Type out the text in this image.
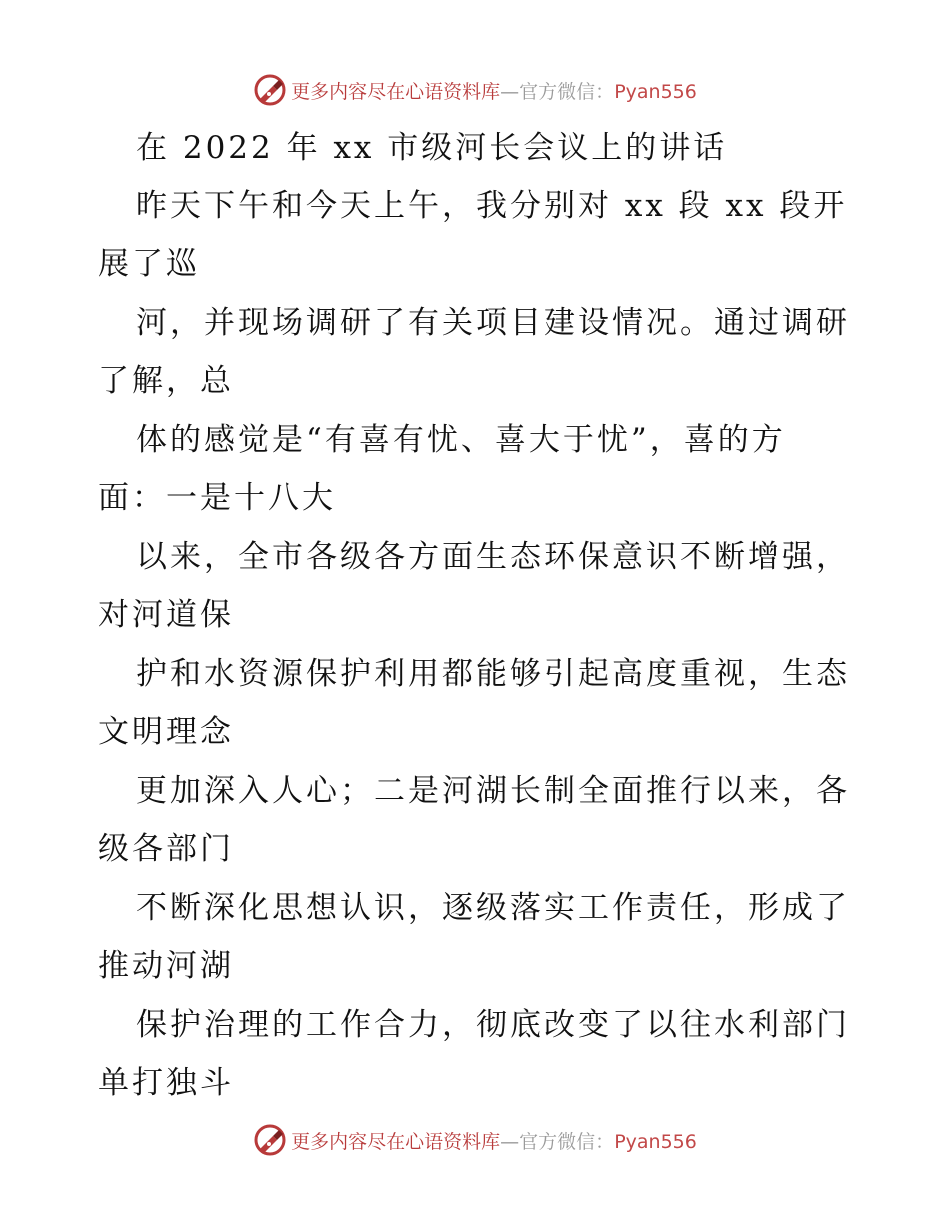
更多内容尽在心语资料库—官方微信：Pyan556
在 2022 年 xx 市级河长会议上的讲话
昨天下午和今天上午，我分别对 xx 段 xx 段开
展了巡
河，并现场调研了有关项目建设情况。通过调研
了解，总
体的感觉是“有喜有忧、喜大于忧”，喜的方
面：一是十八大
以来，全市各级各方面生态环保意识不断增强，
对河道保
护和水资源保护利用都能够引起高度重视，生态
文明理念
更加深入人心；二是河湖长制全面推行以来，各
级各部门
不断深化思想认识，逐级落实工作责任，形成了
推动河湖
保护治理的工作合力，彻底改变了以往水利部门
单打独斗
更多内容尽在心语资料库—官方微信：Pyan556
